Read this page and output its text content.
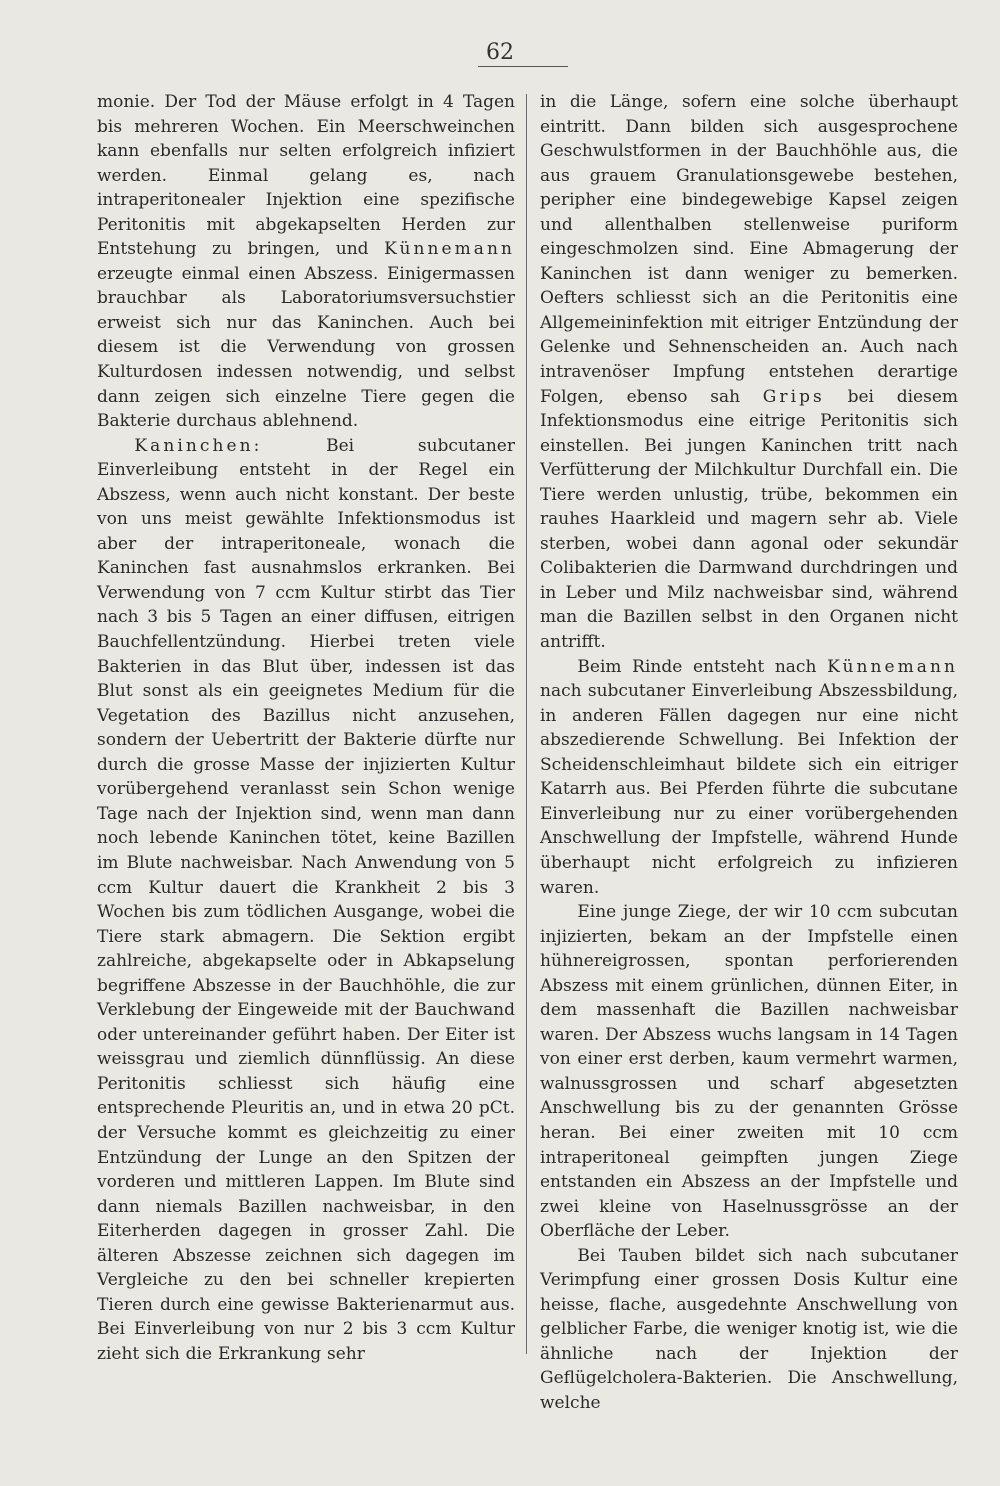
62

monie. Der Tod der Mäuse erfolgt in 4 Tagen bis mehreren Wochen. Ein Meerschweinchen kann ebenfalls nur selten erfolgreich infiziert werden. Einmal gelang es, nach intraperitonealer Injektion eine spezifische Peritonitis mit abgekapselten Herden zur Entstehung zu bringen, und Künnemann erzeugte einmal einen Abszess. Einigermassen brauchbar als Laboratoriumsversuchstier erweist sich nur das Kaninchen. Auch bei diesem ist die Verwendung von grossen Kulturdosen indessen notwendig, und selbst dann zeigen sich einzelne Tiere gegen die Bakterie durchaus ablehnend.

Kaninchen:	Bei subcutaner Einverleibung entsteht in der Regel ein Abszess, wenn auch nicht konstant. Der beste von uns meist gewählte Infektionsmodus ist aber der intraperitoneale, wonach die Kaninchen fast ausnahmslos erkranken. Bei Verwendung von 7 ccm Kultur stirbt das Tier nach 3 bis 5 Tagen an einer diffusen, eitrigen Bauchfellentzündung. Hierbei treten viele Bakterien in das Blut über, indessen ist das Blut sonst als ein geeignetes Medium für die Vegetation des Bazillus nicht anzusehen, sondern der Uebertritt der Bakterie dürfte nur durch die grosse Masse der injizierten Kultur vorübergehend veranlasst sein Schon wenige Tage nach der Injektion sind, wenn man dann noch lebende Kaninchen tötet, keine Bazillen im Blute nachweisbar. Nach Anwendung von 5 ccm Kultur dauert die Krankheit 2 bis 3 Wochen bis zum tödlichen Ausgange, wobei die Tiere stark abmagern. Die Sektion ergibt zahlreiche, abgekapselte oder in Abkapselung begriffene Abszesse in der Bauchhöhle, die zur Verklebung der Eingeweide mit der Bauchwand oder untereinander geführt haben. Der Eiter ist weissgrau und ziemlich dünnflüssig. An diese Peritonitis schliesst sich häufig eine entsprechende Pleuritis an, und in etwa 20 pCt. der Versuche kommt es gleichzeitig zu einer Entzündung der Lunge an den Spitzen der vorderen und mittleren Lappen. Im Blute sind dann niemals Bazillen nachweisbar, in den Eiterherden dagegen in grosser Zahl. Die älteren Abszesse zeichnen sich dagegen im Vergleiche zu den bei schneller krepierten Tieren durch eine gewisse Bakterienarmut aus. Bei Einverleibung von nur 2 bis 3 ccm Kultur zieht sich die Erkrankung sehr

in die Länge, sofern eine solche überhaupt eintritt. Dann bilden sich ausgesprochene Geschwulstformen in der Bauchhöhle aus, die aus grauem Granulationsgewebe bestehen, peripher eine bindegewebige Kapsel zeigen und allenthalben stellenweise puriform eingeschmolzen sind. Eine Abmagerung der Kaninchen ist dann weniger zu bemerken. Oefters schliesst sich an die Peritonitis eine Allgemeininfektion mit eitriger Entzündung der Gelenke und Sehnenscheiden an. Auch nach intravenöser Impfung entstehen derartige Folgen, ebenso sah Grips bei diesem Infektionsmodus eine eitrige Peritonitis sich einstellen. Bei jungen Kaninchen tritt nach Verfütterung der Milchkultur Durchfall ein. Die Tiere werden unlustig, trübe, bekommen ein rauhes Haarkleid und magern sehr ab. Viele sterben, wobei dann agonal oder sekundär Colibakterien die Darmwand durchdringen und in Leber und Milz nachweisbar sind, während man die Bazillen selbst in den Organen nicht antrifft.

Beim Rinde entsteht nach Künnemann nach subcutaner Einverleibung Abszessbildung, in anderen Fällen dagegen nur eine nicht abszedierende Schwellung. Bei Infektion der Scheidenschleimhaut bildete sich ein eitriger Katarrh aus. Bei Pferden führte die subcutane Einverleibung nur zu einer vorübergehenden Anschwellung der Impfstelle, während Hunde überhaupt nicht erfolgreich zu infizieren waren.

Eine junge Ziege, der wir 10 ccm subcutan injizierten, bekam an der Impfstelle einen hühnereigrossen, spontan perforierenden Abszess mit einem grünlichen, dünnen Eiter, in dem massenhaft die Bazillen nachweisbar waren. Der Abszess wuchs langsam in 14 Tagen von einer erst derben, kaum vermehrt warmen, walnussgrossen und scharf abgesetzten Anschwellung bis zu der genannten Grösse heran. Bei einer zweiten mit 10 ccm intraperitoneal geimpften jungen Ziege entstanden ein Abszess an der Impfstelle und zwei kleine von Haselnussgrösse an der Oberfläche der Leber.

Bei Tauben bildet sich nach subcutaner Verimpfung einer grossen Dosis Kultur eine heisse, flache, ausgedehnte Anschwellung von gelblicher Farbe, die weniger knotig ist, wie die ähnliche nach der Injektion der Geflügelcholera-Bakterien. Die Anschwellung, welche
